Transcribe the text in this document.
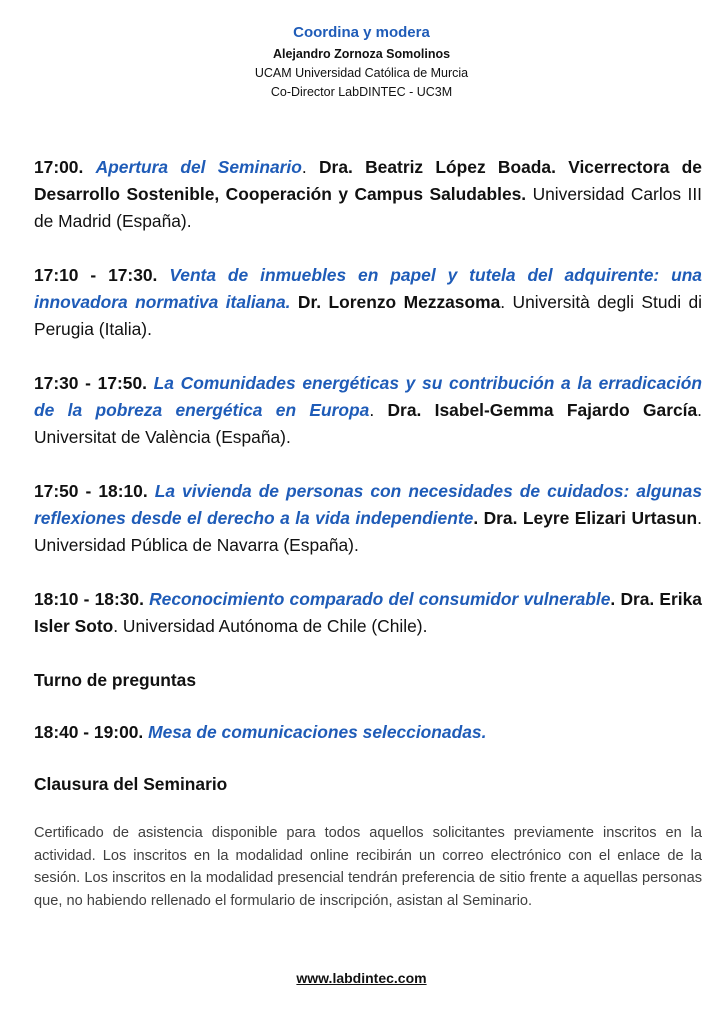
Coordina y modera
Alejandro Zornoza Somolinos
UCAM Universidad Católica de Murcia
Co-Director LabDINTEC - UC3M

17:00. Apertura del Seminario. Dra. Beatriz López Boada. Vicerrectora de Desarrollo Sostenible, Cooperación y Campus Saludables. Universidad Carlos III de Madrid (España).

17:10 - 17:30. Venta de inmuebles en papel y tutela del adquirente: una innovadora normativa italiana. Dr. Lorenzo Mezzasoma. Università degli Studi di Perugia (Italia).

17:30 - 17:50. La Comunidades energéticas y su contribución a la erradicación de la pobreza energética en Europa. Dra. Isabel-Gemma Fajardo García. Universitat de València (España).

17:50 - 18:10. La vivienda de personas con necesidades de cuidados: algunas reflexiones desde el derecho a la vida independiente. Dra. Leyre Elizari Urtasun. Universidad Pública de Navarra (España).

18:10 - 18:30. Reconocimiento comparado del consumidor vulnerable. Dra. Erika Isler Soto. Universidad Autónoma de Chile (Chile).

Turno de preguntas

18:40 - 19:00. Mesa de comunicaciones seleccionadas.

Clausura del Seminario

Certificado de asistencia disponible para todos aquellos solicitantes previamente inscritos en la actividad. Los inscritos en la modalidad online recibirán un correo electrónico con el enlace de la sesión. Los inscritos en la modalidad presencial tendrán preferencia de sitio frente a aquellas personas que, no habiendo rellenado el formulario de inscripción, asistan al Seminario.
www.labdintec.com
